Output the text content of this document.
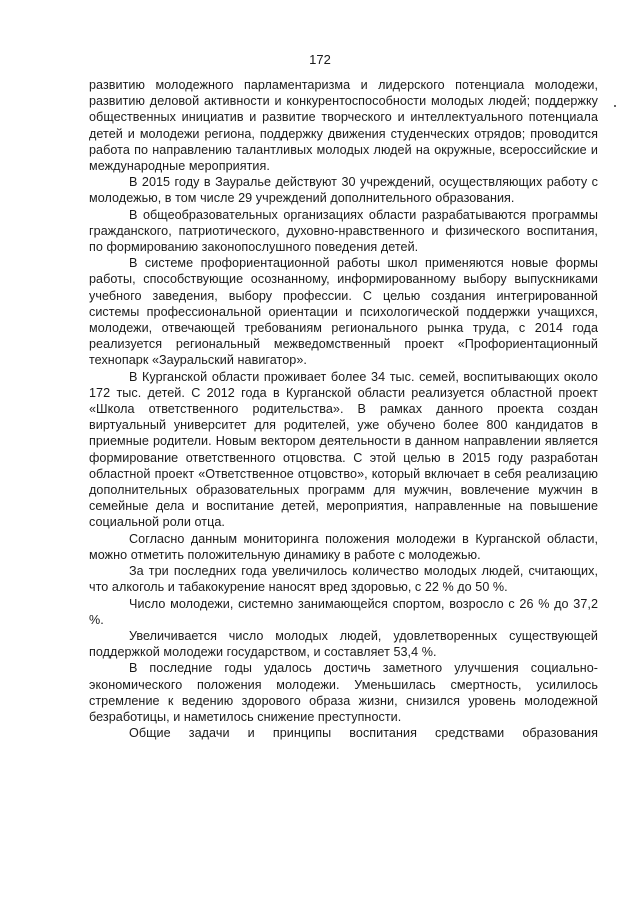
172

развитию молодежного парламентаризма и лидерского потенциала молодежи, развитию деловой активности и конкурентоспособности молодых людей; поддержку общественных инициатив и развитие творческого и интеллектуального потенциала детей и молодежи региона, поддержку движения студенческих отрядов; проводится работа по направлению талантливых молодых людей на окружные, всероссийские и международные мероприятия.

В 2015 году в Зауралье действуют 30 учреждений, осуществляющих работу с молодежью, в том числе 29 учреждений дополнительного образования.

В общеобразовательных организациях области разрабатываются программы гражданского, патриотического, духовно-нравственного и физического воспитания, по формированию законопослушного поведения детей.

В системе профориентационной работы школ применяются новые формы работы, способствующие осознанному, информированному выбору выпускниками учебного заведения, выбору профессии. С целью создания интегрированной системы профессиональной ориентации и психологической поддержки учащихся, молодежи, отвечающей требованиям регионального рынка труда, с 2014 года реализуется региональный межведомственный проект «Профориентационный технопарк «Зауральский навигатор».

В Курганской области проживает более 34 тыс. семей, воспитывающих около 172 тыс. детей. С 2012 года в Курганской области реализуется областной проект «Школа ответственного родительства». В рамках данного проекта создан виртуальный университет для родителей, уже обучено более 800 кандидатов в приемные родители. Новым вектором деятельности в данном направлении является формирование ответственного отцовства. С этой целью в 2015 году разработан областной проект «Ответственное отцовство», который включает в себя реализацию дополнительных образовательных программ для мужчин, вовлечение мужчин в семейные дела и воспитание детей, мероприятия, направленные на повышение социальной роли отца.

Согласно данным мониторинга положения молодежи в Курганской области, можно отметить положительную динамику в работе с молодежью.

За три последних года увеличилось количество молодых людей, считающих, что алкоголь и табакокурение наносят вред здоровью, с 22 % до 50 %.

Число молодежи, системно занимающейся спортом, возросло с 26 % до 37,2 %.

Увеличивается число молодых людей, удовлетворенных существующей поддержкой молодежи государством, и составляет 53,4 %.

В последние годы удалось достичь заметного улучшения социально-экономического положения молодежи. Уменьшилась смертность, усилилось стремление к ведению здорового образа жизни, снизился уровень молодежной безработицы, и наметилось снижение преступности.

Общие задачи и принципы воспитания средствами образования
